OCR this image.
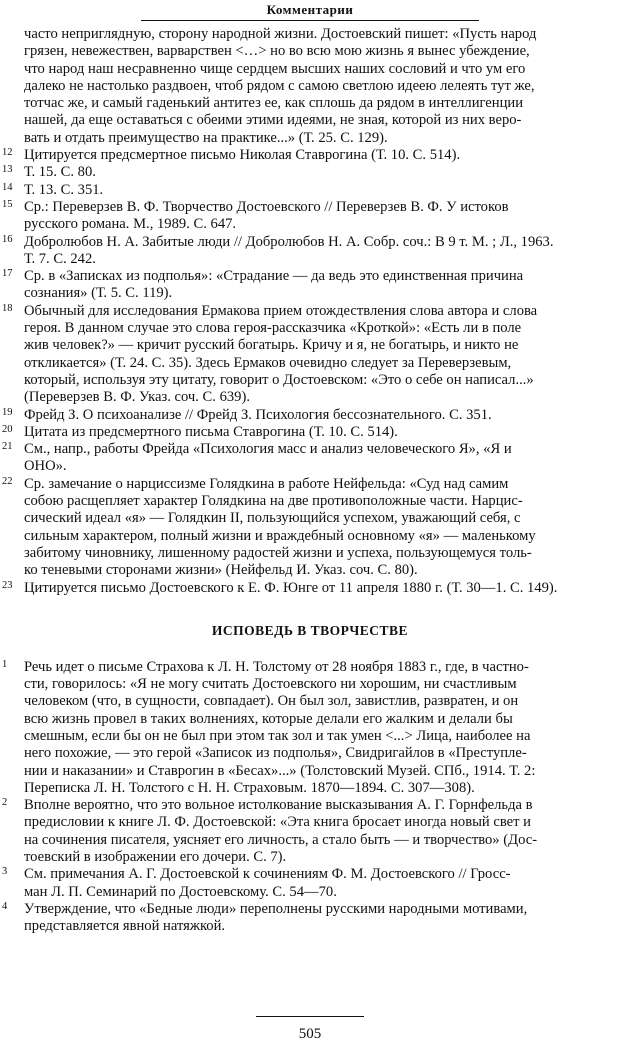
Комментарии
часто неприглядную, сторону народной жизни. Достоевский пишет: «Пусть народ
грязен, невежествен, варварствен <…> но во всю мою жизнь я вынес убеждение,
что народ наш несравненно чище сердцем высших наших сословий и что ум его
далеко не настолько раздвоен, чтоб рядом с самою светлою идеею лелеять тут же,
тотчас же, и самый гаденький антитез ее, как сплошь да рядом в интеллигенции
нашей, да еще оставаться с обеими этими идеями, не зная, которой из них веро-
вать и отдать преимущество на практике...» (Т. 25. С. 129).
12 Цитируется предсмертное письмо Николая Ставрогина (Т. 10. С. 514).
13 Т. 15. С. 80.
14 Т. 13. С. 351.
15 Ср.: Переверзев В. Ф. Творчество Достоевского // Переверзев В. Ф. У истоков
русского романа. М., 1989. С. 647.
16 Добролюбов Н. А. Забитые люди // Добролюбов Н. А. Собр. соч.: В 9 т. М. ; Л., 1963.
Т. 7. С. 242.
17 Ср. в «Записках из подполья»: «Страдание — да ведь это единственная причина
сознания» (Т. 5. С. 119).
18 Обычный для исследования Ермакова прием отождествления слова автора и слова
героя. В данном случае это слова героя-рассказчика «Кроткой»: «Есть ли в поле
жив человек?» — кричит русский богатырь. Кричу и я, не богатырь, и никто не
откликается» (Т. 24. С. 35). Здесь Ермаков очевидно следует за Переверзевым,
который, используя эту цитату, говорит о Достоевском: «Это о себе он написал...»
(Переверзев В. Ф. Указ. соч. С. 639).
19 Фрейд З. О психоанализе // Фрейд З. Психология бессознательного. С. 351.
20 Цитата из предсмертного письма Ставрогина (Т. 10. С. 514).
21 См., напр., работы Фрейда «Психология масс и анализ человеческого Я», «Я и
ОНО».
22 Ср. замечание о нарциссизме Голядкина в работе Нейфельда: «Суд над самим
собою расщепляет характер Голядкина на две противоположные части. Нарцис-
сический идеал «я» — Голядкин II, пользующийся успехом, уважающий себя, с
сильным характером, полный жизни и враждебный основному «я» — маленькому
забитому чиновнику, лишенному радостей жизни и успеха, пользующемуся толь-
ко теневыми сторонами жизни» (Нейфельд И. Указ. соч. С. 80).
23 Цитируется письмо Достоевского к Е. Ф. Юнге от 11 апреля 1880 г. (Т. 30—1. С. 149).
ИСПОВЕДЬ В ТВОРЧЕСТВЕ
1 Речь идет о письме Страхова к Л. Н. Толстому от 28 ноября 1883 г., где, в частно-
сти, говорилось: «Я не могу считать Достоевского ни хорошим, ни счастливым
человеком (что, в сущности, совпадает). Он был зол, завистлив, развратен, и он
всю жизнь провел в таких волнениях, которые делали его жалким и делали бы
смешным, если бы он не был при этом так зол и так умен <...> Лица, наиболее на
него похожие, — это герой «Записок из подполья», Свидригайлов в «Преступле-
нии и наказании» и Ставрогин в «Бесах»...» (Толстовский Музей. СПб., 1914. Т. 2:
Переписка Л. Н. Толстого с Н. Н. Страховым. 1870—1894. С. 307—308).
2 Вполне вероятно, что это вольное истолкование высказывания А. Г. Горнфельда в
предисловии к книге Л. Ф. Достоевской: «Эта книга бросает иногда новый свет и
на сочинения писателя, уясняет его личность, а стало быть — и творчество» (Дос-
тоевский в изображении его дочери. С. 7).
3 См. примечания А. Г. Достоевской к сочинениям Ф. М. Достоевского // Гросс-
ман Л. П. Семинарий по Достоевскому. С. 54—70.
4 Утверждение, что «Бедные люди» переполнены русскими народными мотивами,
представляется явной натяжкой.
505
